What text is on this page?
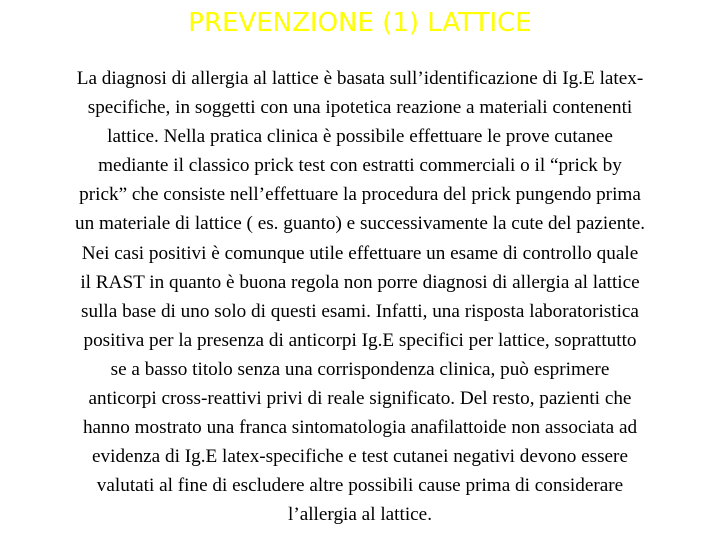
PREVENZIONE (1) LATTICE

La diagnosi di allergia al lattice è basata sull’identificazione di Ig.E latex-
specifiche, in soggetti con una ipotetica reazione a materiali contenenti
lattice. Nella pratica clinica è possibile effettuare le prove cutanee
mediante il classico prick test con estratti commerciali o il “prick by
prick” che consiste nell’effettuare la procedura del prick pungendo prima
un materiale di lattice ( es. guanto) e successivamente la cute del paziente.
Nei casi positivi è comunque utile effettuare un esame di controllo quale
il RAST in quanto è buona regola non porre diagnosi di allergia al lattice
sulla base di uno solo di questi esami. Infatti, una risposta laboratoristica
positiva per la presenza di anticorpi Ig.E specifici per lattice, soprattutto
se a basso titolo senza una corrispondenza clinica, può esprimere
anticorpi cross-reattivi privi di reale significato. Del resto, pazienti che
hanno mostrato una franca sintomatologia anafilattoide non associata ad
evidenza di Ig.E latex-specifiche e test cutanei negativi devono essere
valutati al fine di escludere altre possibili cause prima di considerare
l’allergia al lattice.
